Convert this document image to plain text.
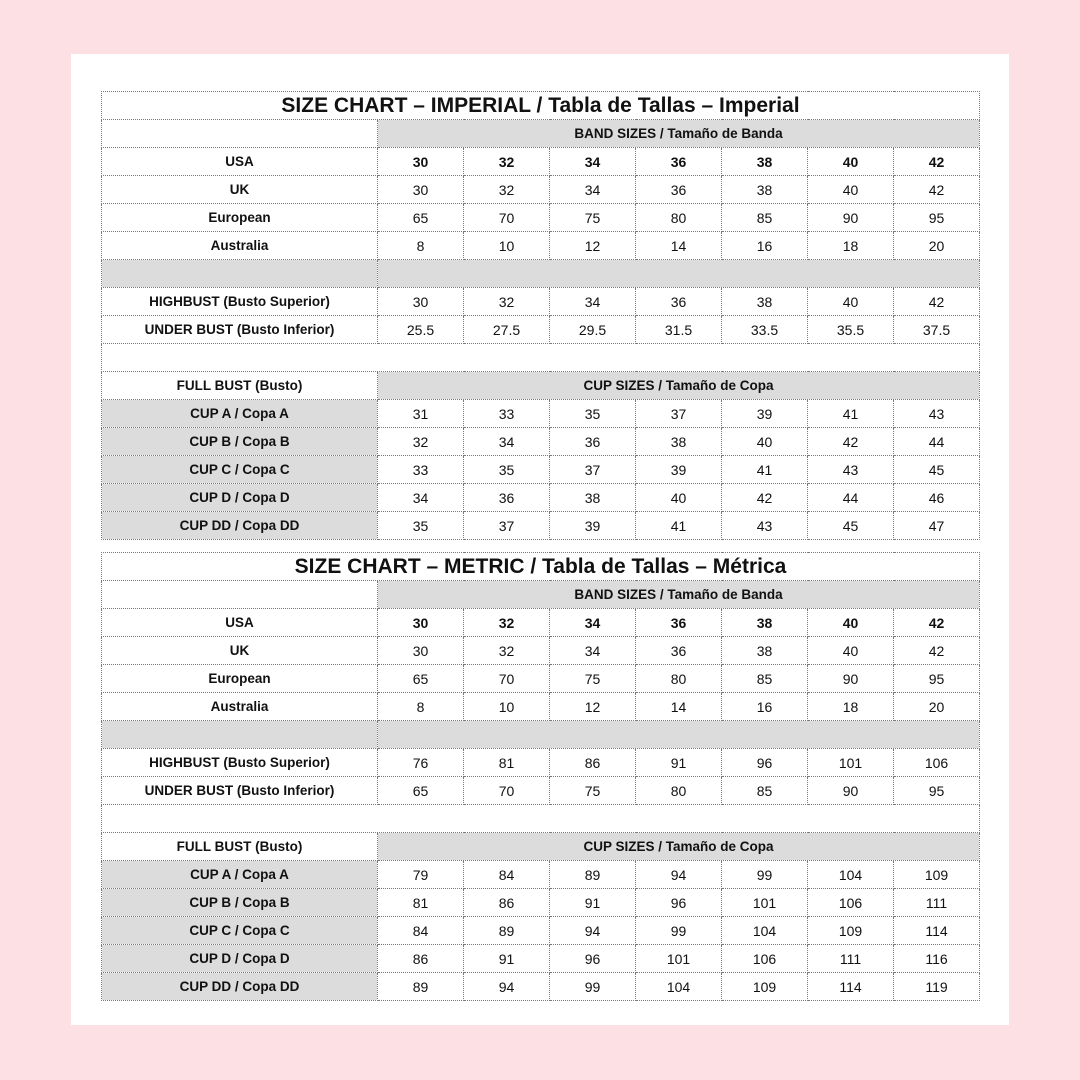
SIZE CHART – IMPERIAL / Tabla de Tallas – Imperial							
	BAND SIZES / Tamaño de Banda						
USA	30	32	34	36	38	40	42
UK	30	32	34	36	38	40	42
European	65	70	75	80	85	90	95
Australia	8	10	12	14	16	18	20

HIGHBUST (Busto Superior)	30	32	34	36	38	40	42
UNDER BUST (Busto Inferior)	25.5	27.5	29.5	31.5	33.5	35.5	37.5

FULL BUST (Busto)	CUP SIZES / Tamaño de Copa						
CUP A / Copa A	31	33	35	37	39	41	43
CUP B / Copa B	32	34	36	38	40	42	44
CUP C / Copa C	33	35	37	39	41	43	45
CUP D / Copa D	34	36	38	40	42	44	46
CUP DD / Copa DD	35	37	39	41	43	45	47
SIZE CHART – METRIC / Tabla de Tallas – Métrica							
	BAND SIZES / Tamaño de Banda						
USA	30	32	34	36	38	40	42
UK	30	32	34	36	38	40	42
European	65	70	75	80	85	90	95
Australia	8	10	12	14	16	18	20

HIGHBUST (Busto Superior)	76	81	86	91	96	101	106
UNDER BUST (Busto Inferior)	65	70	75	80	85	90	95

FULL BUST (Busto)	CUP SIZES / Tamaño de Copa						
CUP A / Copa A	79	84	89	94	99	104	109
CUP B / Copa B	81	86	91	96	101	106	111
CUP C / Copa C	84	89	94	99	104	109	114
CUP D / Copa D	86	91	96	101	106	111	116
CUP DD / Copa DD	89	94	99	104	109	114	119
